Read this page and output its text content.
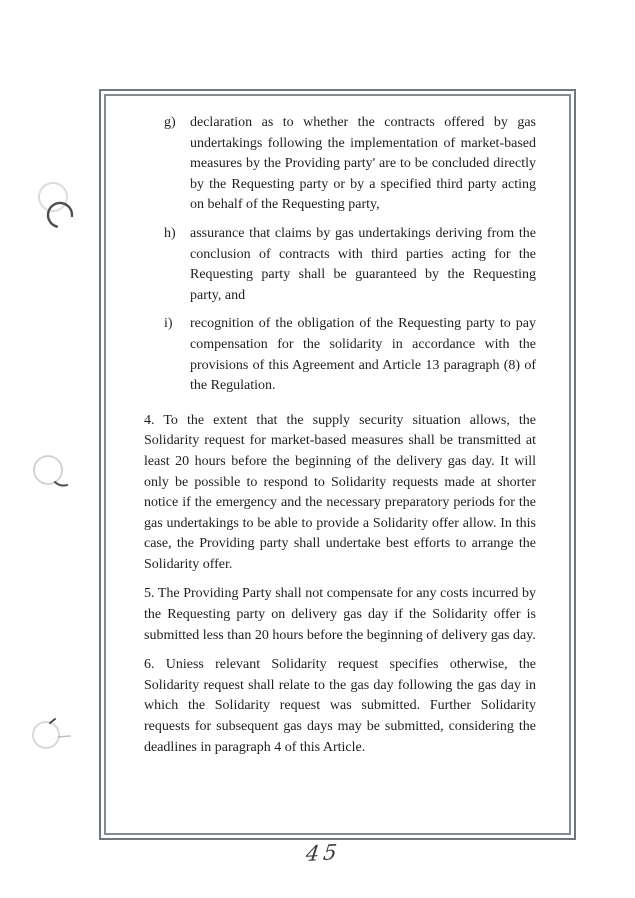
g)	declaration as to whether the contracts offered by gas undertakings following the implementation of market-based measures by the Providing party' are to be concluded directly by the Requesting party or by a specified third party acting on behalf of the Requesting party,
h)	assurance that claims by gas undertakings deriving from the conclusion of contracts with third parties acting for the Requesting party shall be guaranteed by the Requesting party, and
i)	recognition of the obligation of the Requesting party to pay compensation for the solidarity in accordance with the provisions of this Agreement and Article 13 paragraph (8) of the Regulation.

4. To the extent that the supply security situation allows, the Solidarity request for market-based measures shall be transmitted at least 20 hours before the beginning of the delivery gas day. It will only be possible to respond to Solidarity requests made at shorter notice if the emergency and the necessary preparatory periods for the gas undertakings to be able to provide a Solidarity offer allow. In this case, the Providing party shall undertake best efforts to arrange the Solidarity offer.

5. The Providing Party shall not compensate for any costs incurred by the Requesting party on delivery gas day if the Solidarity offer is submitted less than 20 hours before the beginning of delivery gas day.

6. Uniess relevant Solidarity request specifies otherwise, the Solidarity request shall relate to the gas day following the gas day in which the Solidarity request was submitted. Further Solidarity requests for subsequent gas days may be submitted, considering the deadlines in paragraph 4 of this Article.

45
